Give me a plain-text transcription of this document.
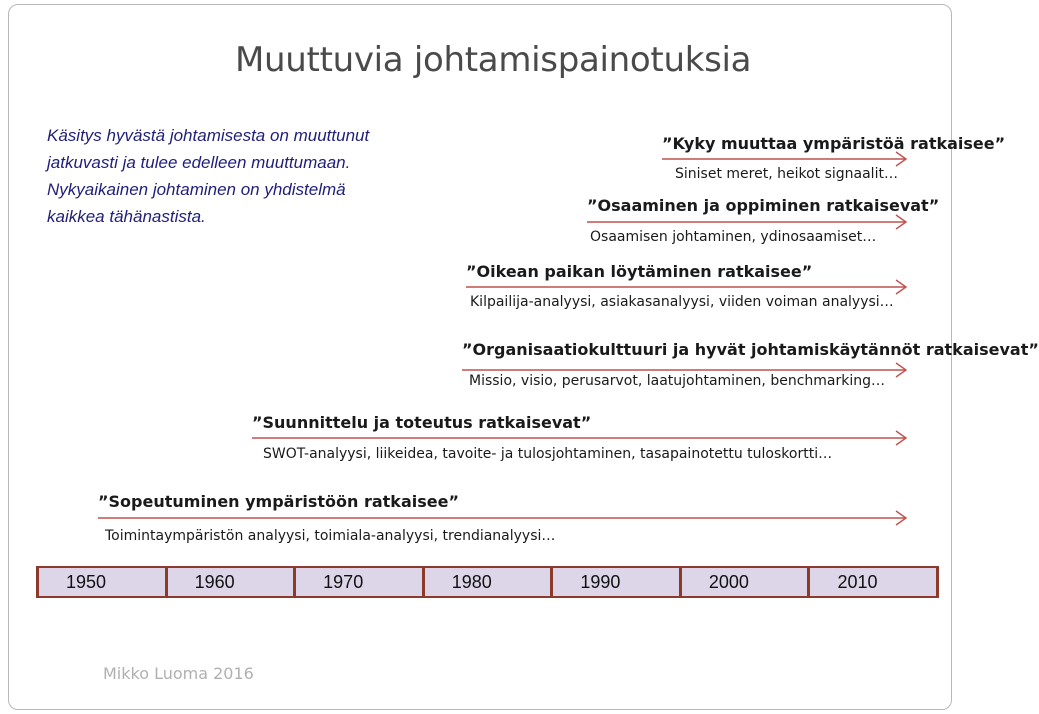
Muuttuvia johtamispainotuksia
Käsitys hyvästä johtamisesta on muuttunut
jatkuvasti ja tulee edelleen muuttumaan.
Nykyaikainen johtaminen on yhdistelmä
kaikkea tähänastista.
”Kyky muuttaa ympäristöä ratkaisee”
Siniset meret, heikot signaalit…
”Osaaminen ja oppiminen ratkaisevat”
Osaamisen johtaminen, ydinosaamiset…
”Oikean paikan löytäminen ratkaisee”
Kilpailija-analyysi, asiakasanalyysi, viiden voiman analyysi…
”Organisaatiokulttuuri ja hyvät johtamiskäytännöt ratkaisevat”
Missio, visio, perusarvot, laatujohtaminen, benchmarking…
”Suunnittelu ja toteutus ratkaisevat”
SWOT-analyysi, liikeidea, tavoite- ja tulosjohtaminen, tasapainotettu tuloskortti…
”Sopeutuminen ympäristöön ratkaisee”
Toimintaympäristön analyysi, toimiala-analyysi, trendianalyysi…
1950	1960	1970	1980	1990	2000	2010
Mikko Luoma 2016
